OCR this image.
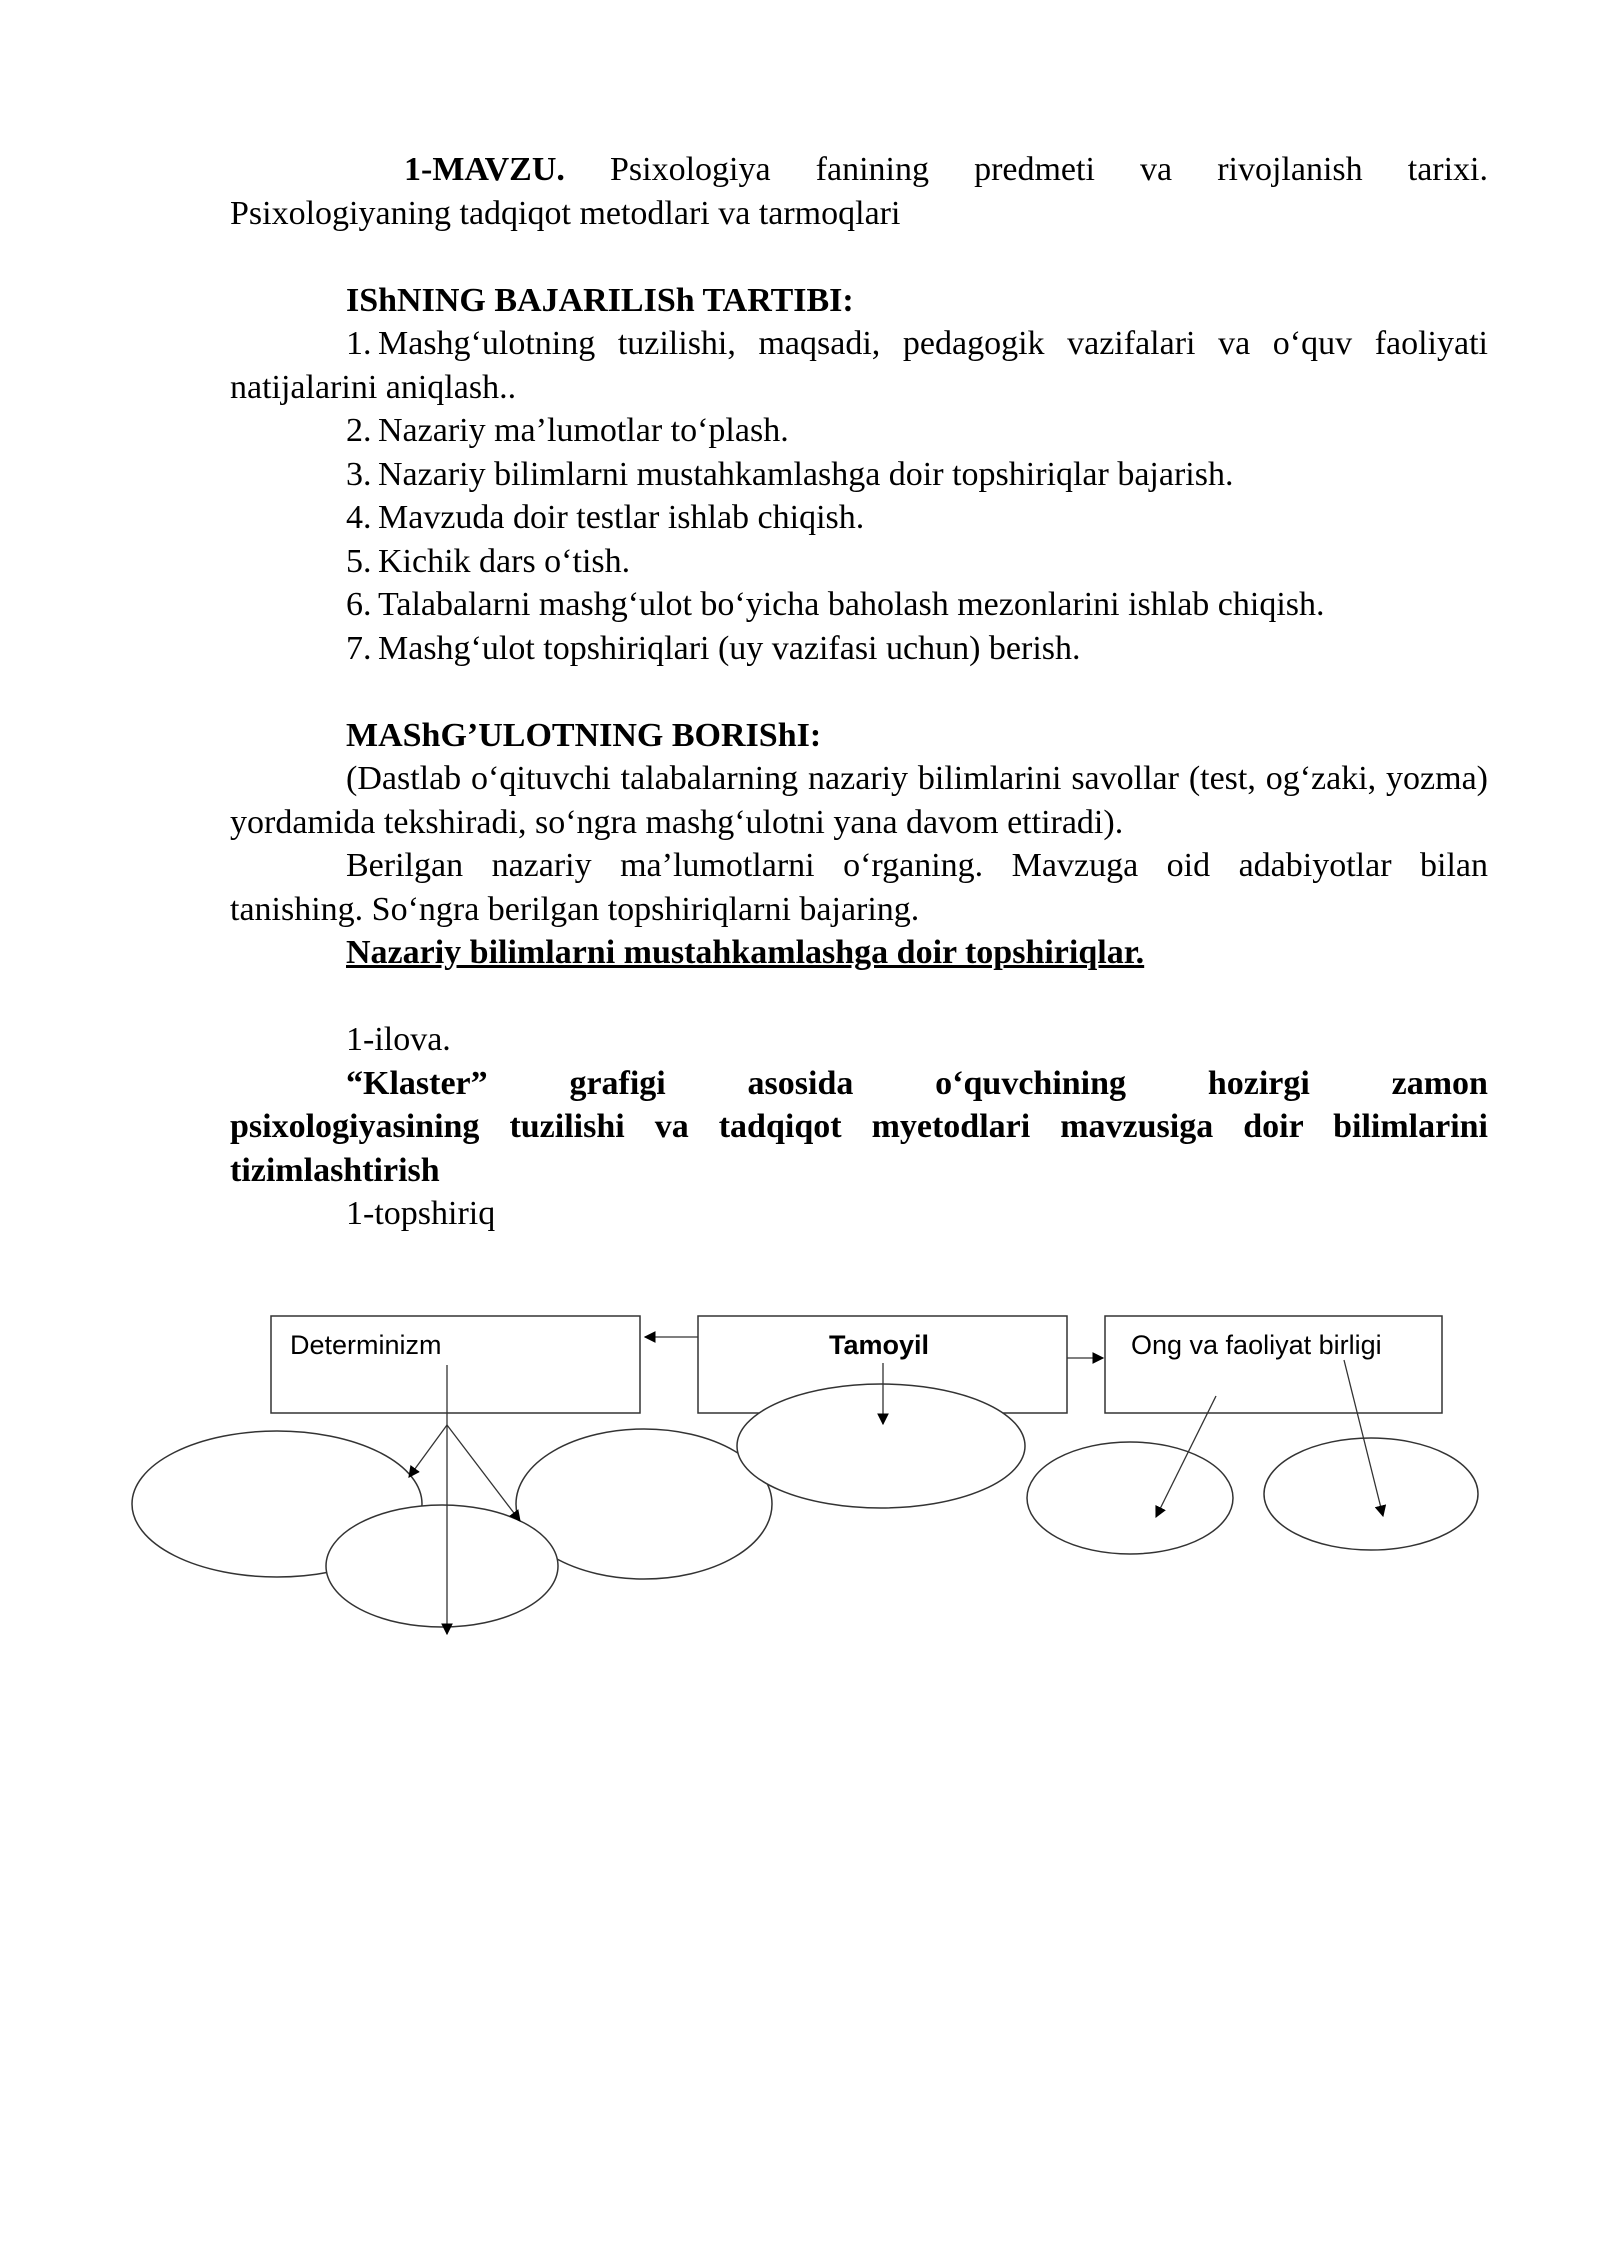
1-MAVZU. Psixologiya fanining predmeti va rivojlanish tarixi. Psixologiyaning tadqiqot metodlari va tarmoqlari

IShNING BAJARILISh TARTIBI:

1. Mashg‘ulotning tuzilishi, maqsadi, pedagogik vazifalari va o‘quv faoliyati natijalarini aniqlash..

2. Nazariy ma’lumotlar to‘plash.

3. Nazariy bilimlarni mustahkamlashga doir topshiriqlar bajarish.

4. Mavzuda doir testlar ishlab chiqish.

5. Kichik dars o‘tish.

6. Talabalarni mashg‘ulot bo‘yicha baholash mezonlarini ishlab chiqish.

7. Mashg‘ulot topshiriqlari (uy vazifasi uchun) berish.

MAShG’ULOTNING BORIShI:

(Dastlab o‘qituvchi talabalarning nazariy bilimlarini savollar (test, og‘zaki, yozma) yordamida tekshiradi, so‘ngra mashg‘ulotni yana davom ettiradi).

Berilgan nazariy ma’lumotlarni o‘rganing. Mavzuga oid adabiyotlar bilan tanishing. So‘ngra berilgan topshiriqlarni bajaring.

Nazariy bilimlarni mustahkamlashga doir topshiriqlar.

1-ilova.

“Klaster” grafigi asosida o‘quvchining hozirgi zamon

psixologiyasining tuzilishi va tadqiqot myetodlari mavzusiga doir bilimlarini tizimlashtirish

1-topshiriq

Determinizm	Tamoyil	Ong va faoliyat birligi
